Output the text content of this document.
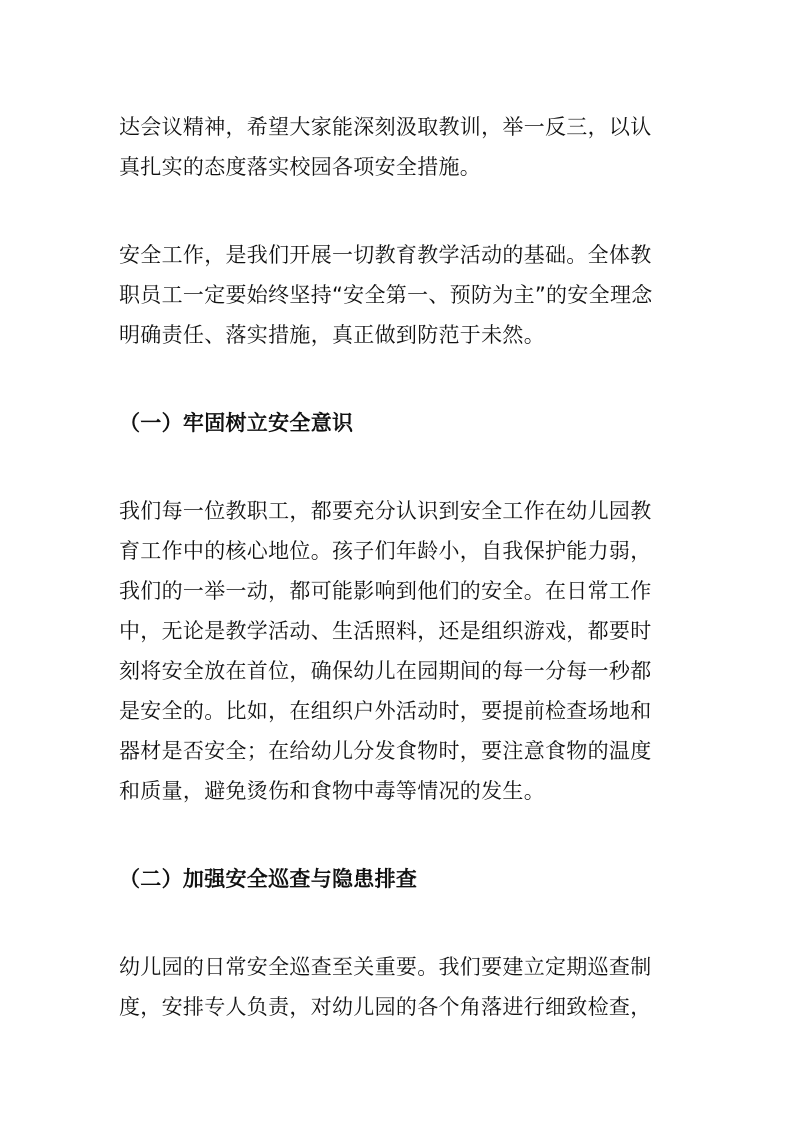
达会议精神，希望大家能深刻汲取教训，举一反三，以认
真扎实的态度落实校园各项安全措施。
安全工作，是我们开展一切教育教学活动的基础。全体教
职员工一定要始终坚持“安全第一、预防为主”的安全理念
明确责任、落实措施，真正做到防范于未然。
（一）牢固树立安全意识
我们每一位教职工，都要充分认识到安全工作在幼儿园教
育工作中的核心地位。孩子们年龄小，自我保护能力弱，
我们的一举一动，都可能影响到他们的安全。在日常工作
中，无论是教学活动、生活照料，还是组织游戏，都要时
刻将安全放在首位，确保幼儿在园期间的每一分每一秒都
是安全的。比如，在组织户外活动时，要提前检查场地和
器材是否安全；在给幼儿分发食物时，要注意食物的温度
和质量，避免烫伤和食物中毒等情况的发生。
（二）加强安全巡查与隐患排查
幼儿园的日常安全巡查至关重要。我们要建立定期巡查制
度，安排专人负责，对幼儿园的各个角落进行细致检查，
